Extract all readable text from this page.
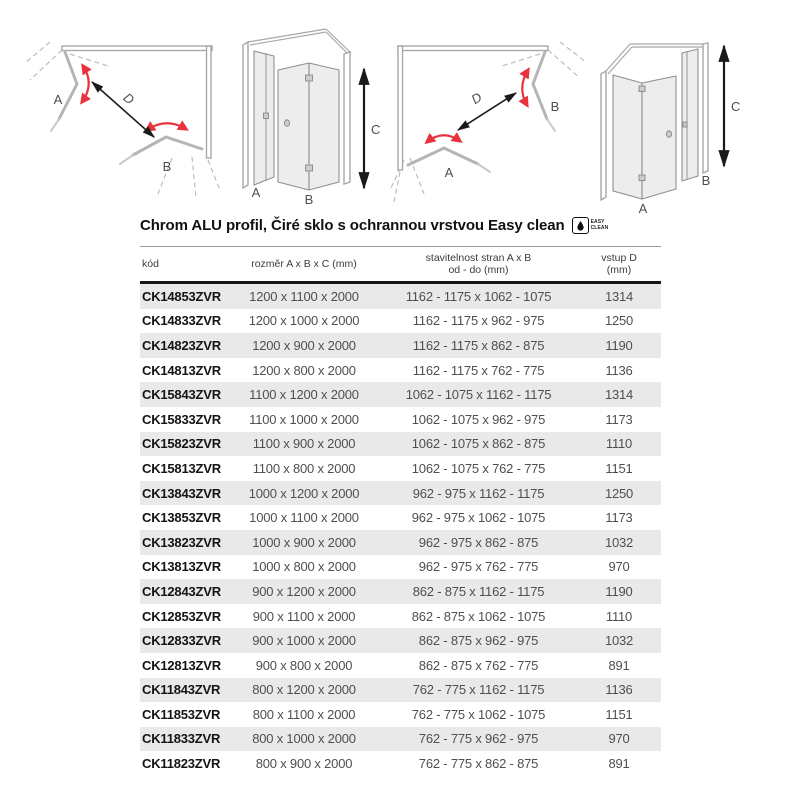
A
B
D
A	B
C
A
B
D
A
B
C
Chrom ALU profil, Čiré sklo s ochrannou vrstvou Easy clean	EASY
CLEAN
kód	rozměr A x B x C (mm)	stavitelnost stran A x B
od - do (mm)	vstup D
(mm)

CK14853ZVR	1200 x 1100 x 2000	1162 - 1175 x 1062 - 1075	1314
CK14833ZVR	1200 x 1000 x 2000	1162 - 1175 x 962 - 975	1250
CK14823ZVR	1200 x 900 x 2000	1162 - 1175 x 862 - 875	1190
CK14813ZVR	1200 x 800 x 2000	1162 - 1175 x 762 - 775	1136
CK15843ZVR	1100 x 1200 x 2000	1062 - 1075 x 1162 - 1175	1314
CK15833ZVR	1100 x 1000 x 2000	1062 - 1075 x 962 - 975	1173
CK15823ZVR	1100 x 900 x 2000	1062 - 1075 x 862 - 875	1110
CK15813ZVR	1100 x 800 x 2000	1062 - 1075 x 762 - 775	1151
CK13843ZVR	1000 x 1200 x 2000	962 - 975 x 1162 - 1175	1250
CK13853ZVR	1000 x 1100 x 2000	962 - 975 x 1062 - 1075	1173
CK13823ZVR	1000 x 900 x 2000	962 - 975 x 862 - 875	1032
CK13813ZVR	1000 x 800 x 2000	962 - 975 x 762 - 775	970
CK12843ZVR	900 x 1200 x 2000	862 - 875 x 1162 - 1175	1190
CK12853ZVR	900 x 1100 x 2000	862 - 875 x 1062 - 1075	1110
CK12833ZVR	900 x 1000 x 2000	862 - 875 x 962 - 975	1032
CK12813ZVR	900 x 800 x 2000	862 - 875 x 762 - 775	891
CK11843ZVR	800 x 1200 x 2000	762 - 775 x 1162 - 1175	1136
CK11853ZVR	800 x 1100 x 2000	762 - 775 x 1062 - 1075	1151
CK11833ZVR	800 x 1000 x 2000	762 - 775 x 962 - 975	970
CK11823ZVR	800 x 900 x 2000	762 - 775 x 862 - 875	891
